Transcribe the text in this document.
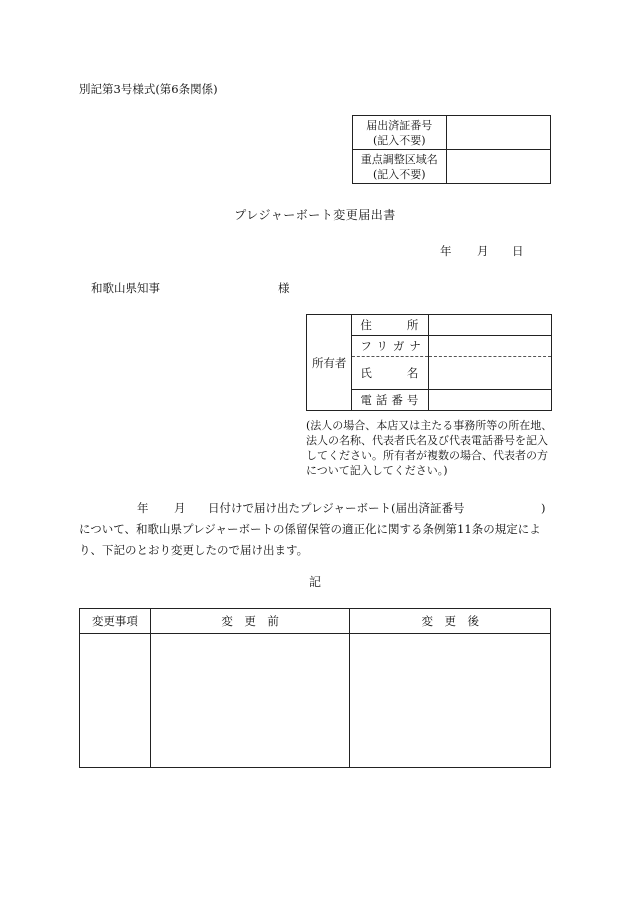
別記第3号様式(第6条関係)
届出済証番号
(記入不要)	

重点調整区域名
(記入不要)	

プレジャーボート変更届出書
年 月 日
和歌山県知事	様
所有者	住 所	

	フリガナ	

	氏 名	

	電話番号	
(法人の場合、本店又は主たる事務所等の所在地、法人の名称、代表者氏名及び代表電話番号を記入してください。所有者が複数の場合、代表者の方について記入してください。)
年 月 日付けで届け出たプレジャーボート(届出済証番号	)
について、和歌山県プレジャーボートの係留保管の適正化に関する条例第11条の規定によ
り、下記のとおり変更したので届け出ます。
記
変更事項	変　更　前	変　更　後
